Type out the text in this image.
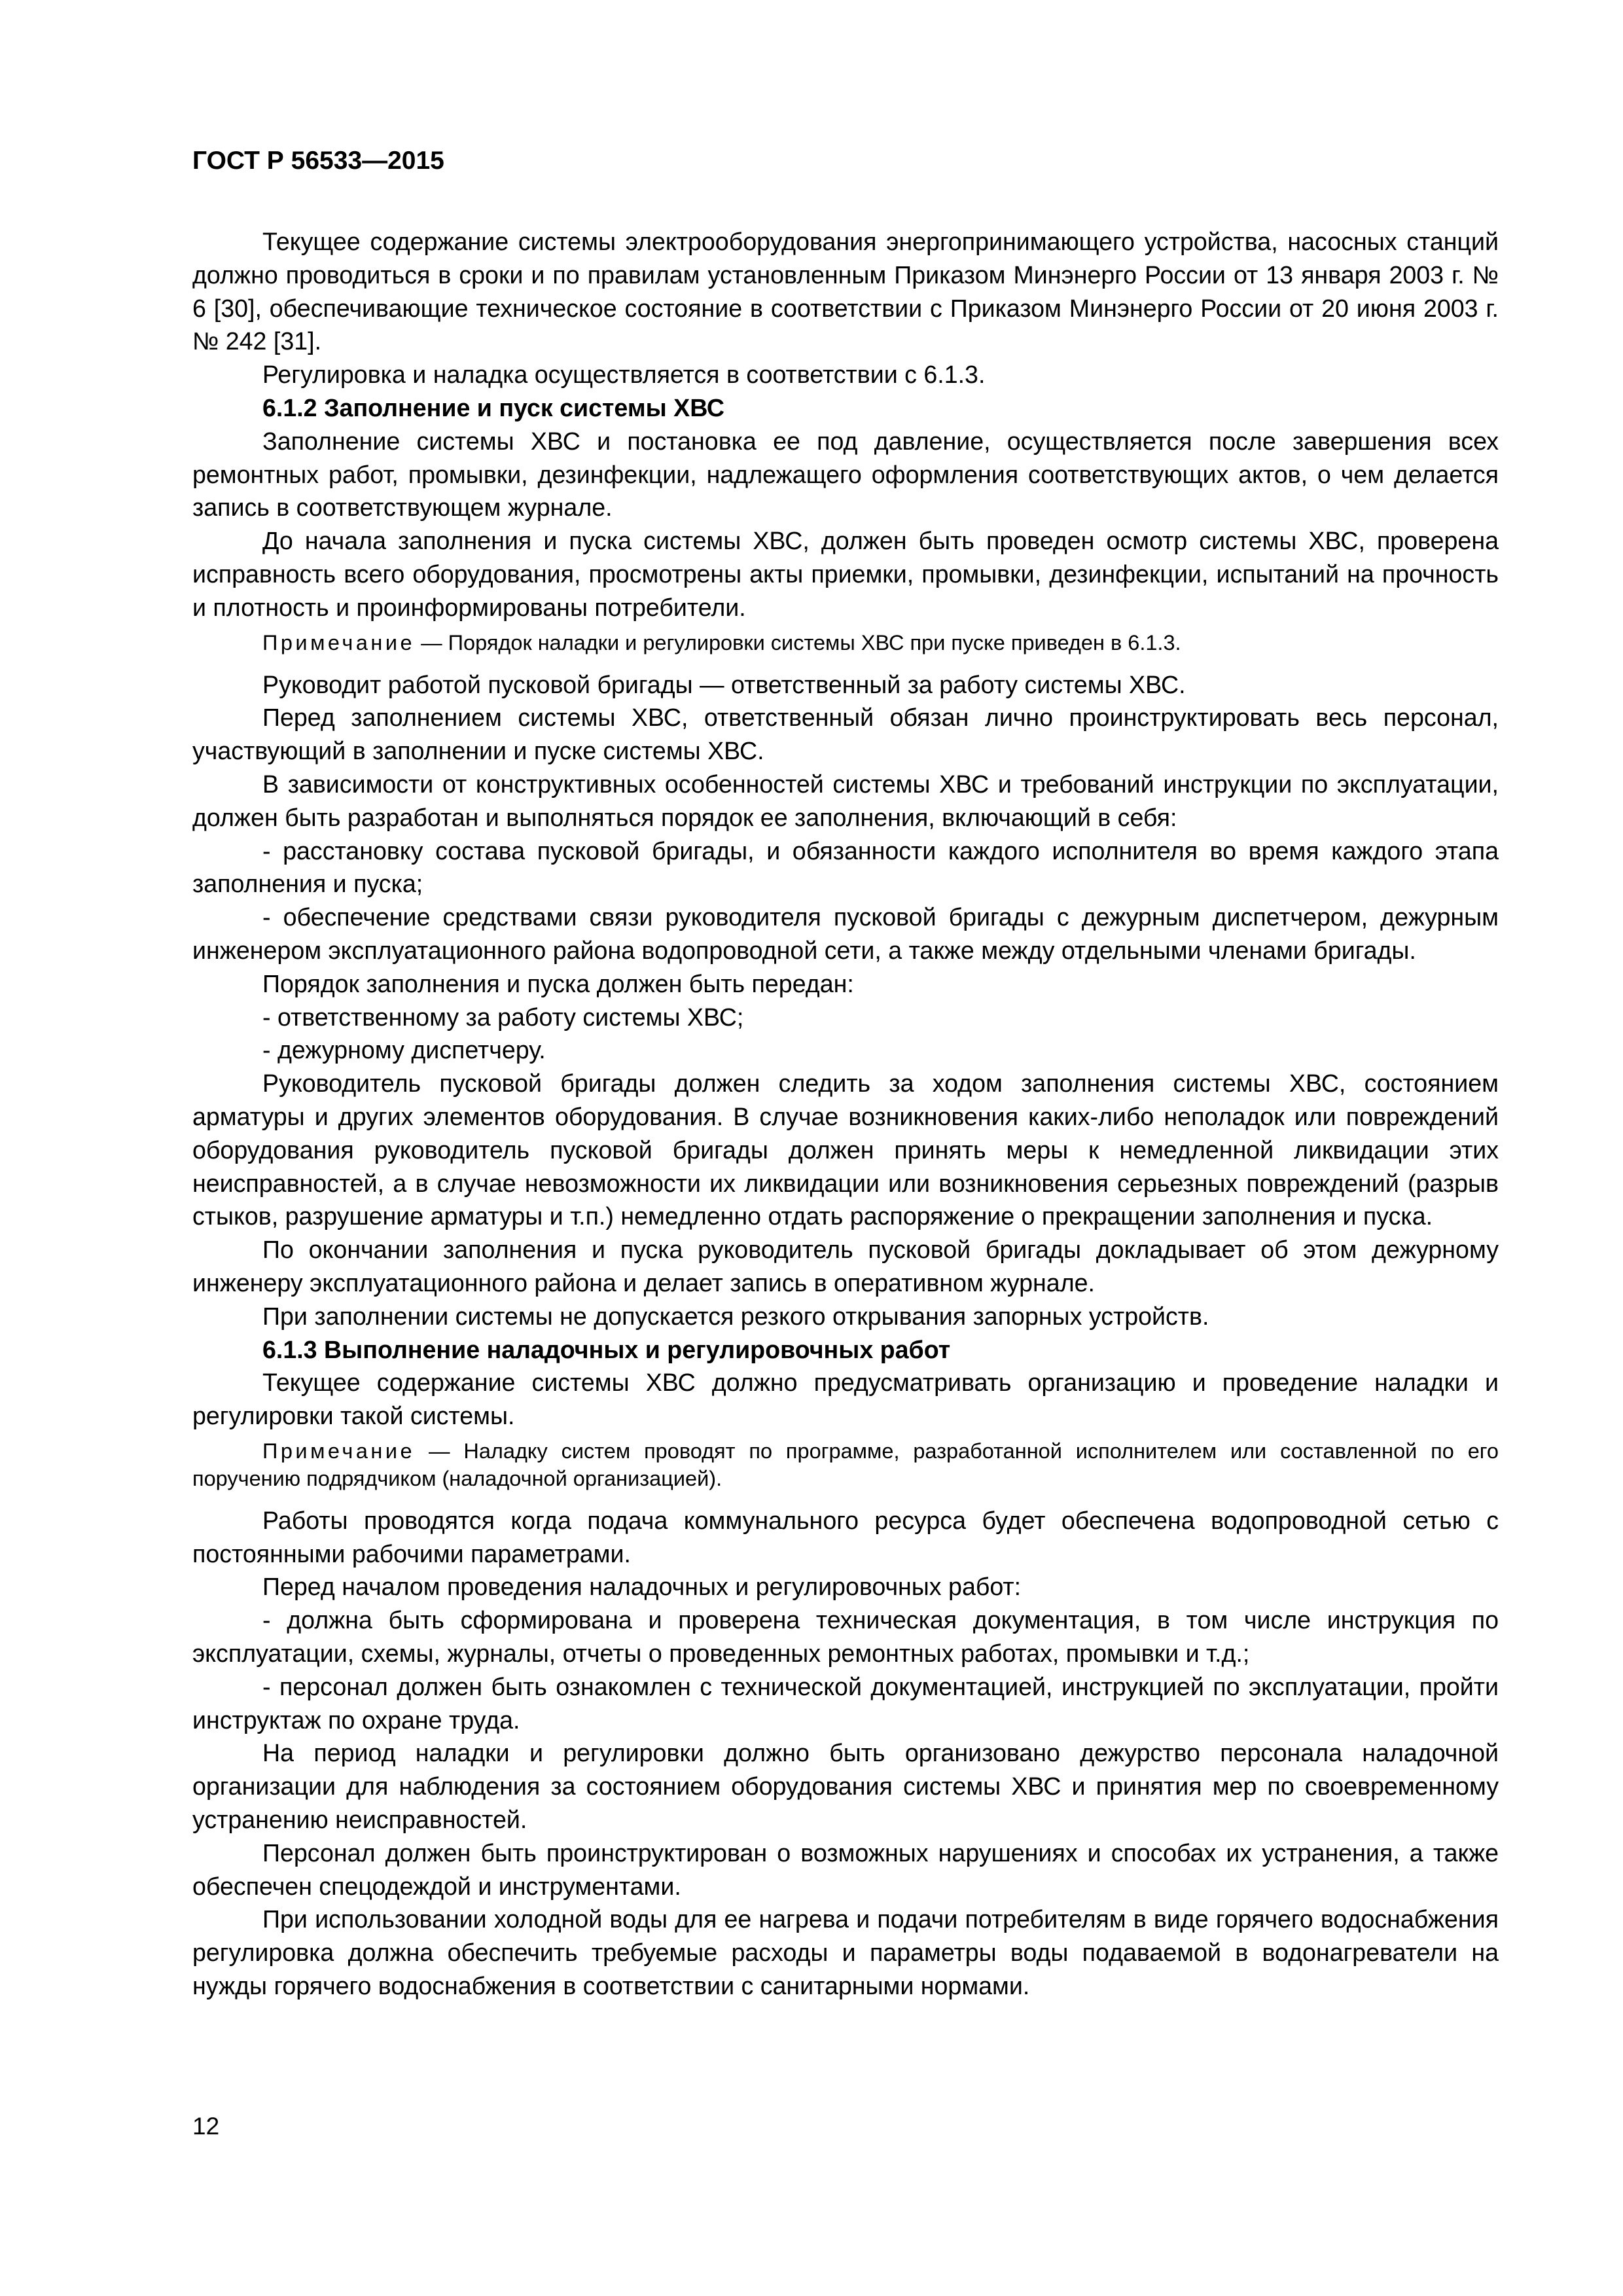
ГОСТ Р 56533—2015

Текущее содержание системы электрооборудования энергопринимающего устройства, насосных станций должно проводиться в сроки и по правилам установленным Приказом Минэнерго России от 13 января 2003 г. № 6 [30], обеспечивающие техническое состояние в соответствии с Приказом Минэнерго России от 20 июня 2003 г. № 242 [31].

Регулировка и наладка осуществляется в соответствии с 6.1.3.

6.1.2 Заполнение и пуск системы ХВС

Заполнение системы ХВС и постановка ее под давление, осуществляется после завершения всех ремонтных работ, промывки, дезинфекции, надлежащего оформления соответствующих актов, о чем делается запись в соответствующем журнале.

До начала заполнения и пуска системы ХВС, должен быть проведен осмотр системы ХВС, проверена исправность всего оборудования, просмотрены акты приемки, промывки, дезинфекции, испытаний на прочность и плотность и проинформированы потребители.

Примечание — Порядок наладки и регулировки системы ХВС при пуске приведен в 6.1.3.

Руководит работой пусковой бригады — ответственный за работу системы ХВС.

Перед заполнением системы ХВС, ответственный обязан лично проинструктировать весь персонал, участвующий в заполнении и пуске системы ХВС.

В зависимости от конструктивных особенностей системы ХВС и требований инструкции по эксплуатации, должен быть разработан и выполняться порядок ее заполнения, включающий в себя:

- расстановку состава пусковой бригады, и обязанности каждого исполнителя во время каждого этапа заполнения и пуска;

- обеспечение средствами связи руководителя пусковой бригады с дежурным диспетчером, дежурным инженером эксплуатационного района водопроводной сети, а также между отдельными членами бригады.

Порядок заполнения и пуска должен быть передан:

- ответственному за работу системы ХВС;

- дежурному диспетчеру.

Руководитель пусковой бригады должен следить за ходом заполнения системы ХВС, состоянием арматуры и других элементов оборудования. В случае возникновения каких-либо неполадок или повреждений оборудования руководитель пусковой бригады должен принять меры к немедленной ликвидации этих неисправностей, а в случае невозможности их ликвидации или возникновения серьезных повреждений (разрыв стыков, разрушение арматуры и т.п.) немедленно отдать распоряжение о прекращении заполнения и пуска.

По окончании заполнения и пуска руководитель пусковой бригады докладывает об этом дежурному инженеру эксплуатационного района и делает запись в оперативном журнале.

При заполнении системы не допускается резкого открывания запорных устройств.

6.1.3 Выполнение наладочных и регулировочных работ

Текущее содержание системы ХВС должно предусматривать организацию и проведение наладки и регулировки такой системы.

Примечание — Наладку систем проводят по программе, разработанной исполнителем или составленной по его поручению подрядчиком (наладочной организацией).

Работы проводятся когда подача коммунального ресурса будет обеспечена водопроводной сетью с постоянными рабочими параметрами.

Перед началом проведения наладочных и регулировочных работ:

- должна быть сформирована и проверена техническая документация, в том числе инструкция по эксплуатации, схемы, журналы, отчеты о проведенных ремонтных работах, промывки и т.д.;

- персонал должен быть ознакомлен с технической документацией, инструкцией по эксплуатации, пройти инструктаж по охране труда.

На период наладки и регулировки должно быть организовано дежурство персонала наладочной организации для наблюдения за состоянием оборудования системы ХВС и принятия мер по своевременному устранению неисправностей.

Персонал должен быть проинструктирован о возможных нарушениях и способах их устранения, а также обеспечен спецодеждой и инструментами.

При использовании холодной воды для ее нагрева и подачи потребителям в виде горячего водоснабжения регулировка должна обеспечить требуемые расходы и параметры воды подаваемой в водонагреватели на нужды горячего водоснабжения в соответствии с санитарными нормами.

12
